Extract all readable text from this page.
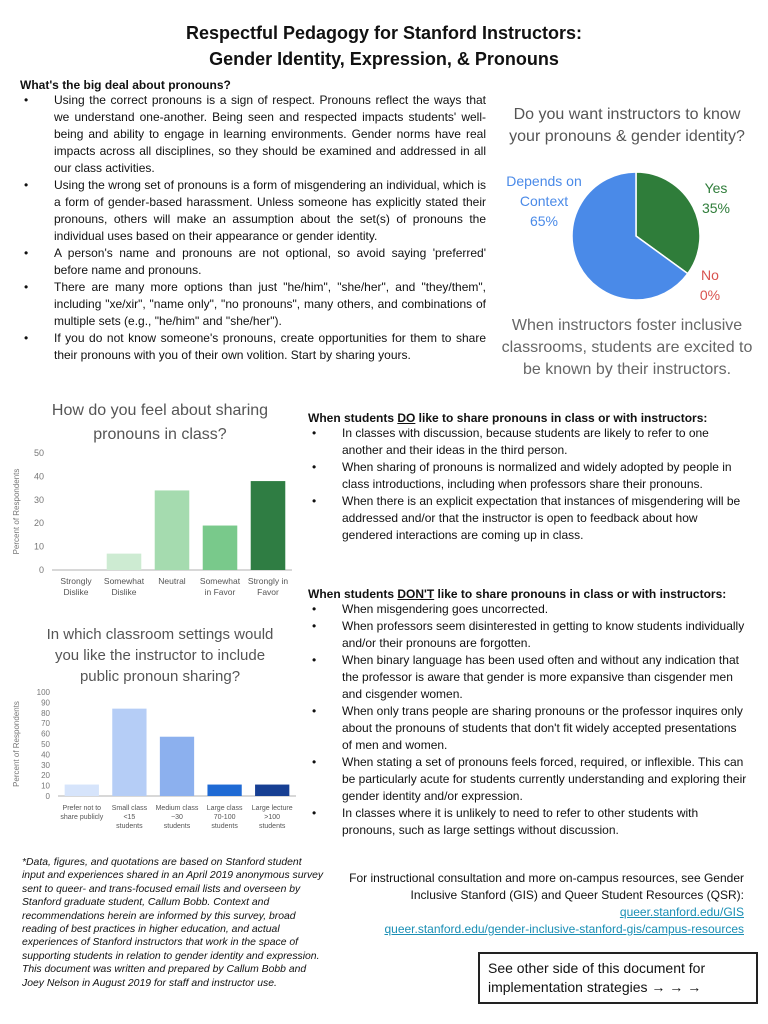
Respectful Pedagogy for Stanford Instructors:
Gender Identity, Expression, & Pronouns
What's the big deal about pronouns?
• Using the correct pronouns is a sign of respect. Pronouns reflect the ways that we understand one-another. Being seen and respected impacts students' well-being and ability to engage in learning environments. Gender norms have real impacts across all disciplines, so they should be examined and addressed in all our class activities.
• Using the wrong set of pronouns is a form of misgendering an individual, which is a form of gender-based harassment. Unless someone has explicitly stated their pronouns, others will make an assumption about the set(s) of pronouns the individual uses based on their appearance or gender identity.
• A person's name and pronouns are not optional, so avoid saying 'preferred' before name and pronouns.
• There are many more options than just "he/him", "she/her", and "they/them", including "xe/xir", "name only", "no pronouns", many others, and combinations of multiple sets (e.g., "he/him" and "she/her").
• If you do not know someone's pronouns, create opportunities for them to share their pronouns with you of their own volition. Start by sharing yours.
Do you want instructors to know
your pronouns & gender identity?
Depends on
Context
65%
Yes
35%
No
0%
When instructors foster inclusive classrooms, students are excited to be known by their instructors.
How do you feel about sharing
pronouns in class?
Percent of Respondents
0
10
20
30
40
50
Strongly
Dislike
Somewhat
Dislike
Neutral Somewhat
in Favor
Strongly in
Favor
In which classroom settings would
you like the instructor to include
public pronoun sharing?
Percent of Respondents
0
10
20
30
40
50
60
70
80
90
100
Prefer not to
share publicly
Small class
<15
students
Medium class
~30
students
Large class
70-100
students
Large lecture
>100
students
When students DO like to share pronouns in class or with instructors:
• In classes with discussion, because students are likely to refer to one another and their ideas in the third person.
• When sharing of pronouns is normalized and widely adopted by people in class introductions, including when professors share their pronouns.
• When there is an explicit expectation that instances of misgendering will be addressed and/or that the instructor is open to feedback about how gendered interactions are coming up in class.
When students DON'T like to share pronouns in class or with instructors:
• When misgendering goes uncorrected.
• When professors seem disinterested in getting to know students individually and/or their pronouns are forgotten.
• When binary language has been used often and without any indication that the professor is aware that gender is more expansive than cisgender men and cisgender women.
• When only trans people are sharing pronouns or the professor inquires only about the pronouns of students that don't fit widely accepted presentations of men and women.
• When stating a set of pronouns feels forced, required, or inflexible. This can be particularly acute for students currently understanding and exploring their gender identity and/or expression.
• In classes where it is unlikely to need to refer to other students with pronouns, such as large settings without discussion.
*Data, figures, and quotations are based on Stanford student input and experiences shared in an April 2019 anonymous survey sent to queer- and trans-focused email lists and overseen by Stanford graduate student, Callum Bobb. Context and recommendations herein are informed by this survey, broad reading of best practices in higher education, and actual experiences of Stanford instructors that work in the space of supporting students in relation to gender identity and expression. This document was written and prepared by Callum Bobb and Joey Nelson in August 2019 for staff and instructor use.
For instructional consultation and more on-campus resources, see Gender Inclusive Stanford (GIS) and Queer Student Resources (QSR):
queer.stanford.edu/GIS
queer.stanford.edu/gender-inclusive-stanford-gis/campus-resources
See other side of this document for implementation strategies → → →
